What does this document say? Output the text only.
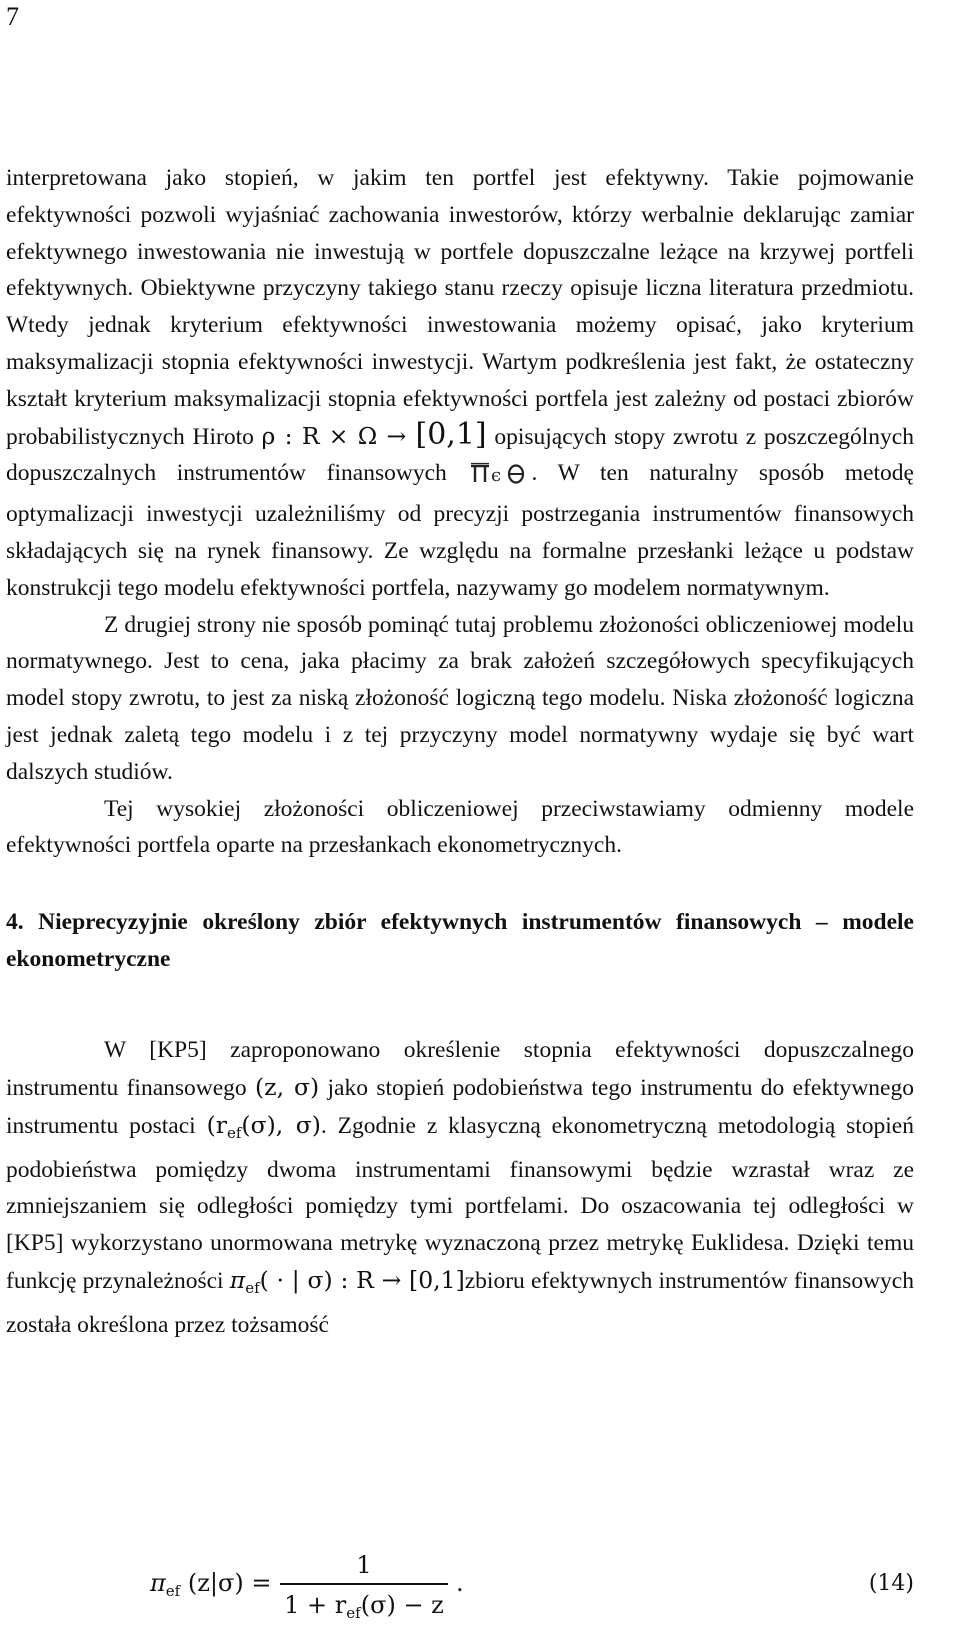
7

interpretowana jako stopień, w jakim ten portfel jest efektywny. Takie pojmowanie efektywności pozwoli wyjaśniać zachowania inwestorów, którzy werbalnie deklarując zamiar efektywnego inwestowania nie inwestują w portfele dopuszczalne leżące na krzywej portfeli efektywnych. Obiektywne przyczyny takiego stanu rzeczy opisuje liczna literatura przedmiotu. Wtedy jednak kryterium efektywności inwestowania możemy opisać, jako kryterium maksymalizacji stopnia efektywności inwestycji. Wartym podkreślenia jest fakt, że ostateczny kształt kryterium maksymalizacji stopnia efektywności portfela jest zależny od postaci zbiorów probabilistycznych Hiroto ρ : R × Ω → [0,1] opisujących stopy zwrotu z poszczególnych dopuszczalnych instrumentów finansowych є . W ten naturalny sposób metodę optymalizacji inwestycji uzależniliśmy od precyzji postrzegania instrumentów finansowych składających się na rynek finansowy. Ze względu na formalne przesłanki leżące u podstaw konstrukcji tego modelu efektywności portfela, nazywamy go modelem normatywnym.

Z drugiej strony nie sposób pominąć tutaj problemu złożoności obliczeniowej modelu normatywnego. Jest to cena, jaka płacimy za brak założeń szczegółowych specyfikujących model stopy zwrotu, to jest za niską złożoność logiczną tego modelu. Niska złożoność logiczna jest jednak zaletą tego modelu i z tej przyczyny model normatywny wydaje się być wart dalszych studiów.

Tej wysokiej złożoności obliczeniowej przeciwstawiamy odmienny modele efektywności portfela oparte na przesłankach ekonometrycznych.

4. Nieprecyzyjnie określony zbiór efektywnych instrumentów finansowych – modele ekonometryczne

W [KP5] zaproponowano określenie stopnia efektywności dopuszczalnego instrumentu finansowego (z, σ) jako stopień podobieństwa tego instrumentu do efektywnego instrumentu postaci ($r_{ef}(\sigma)$, σ). Zgodnie z klasyczną ekonometryczną metodologią stopień podobieństwa pomiędzy dwoma instrumentami finansowymi będzie wzrastał wraz ze zmniejszaniem się odległości pomiędzy tymi portfelami. Do oszacowania tej odległości w [KP5] wykorzystano unormowana metrykę wyznaczoną przez metrykę Euklidesa. Dzięki temu funkcję przynależności $\pi_{ef}$( · | σ) : R → [0,1]zbioru efektywnych instrumentów finansowych została określona przez tożsamość

$\pi_{ef}$ (z|σ) =
1
$1 + r_{ef}(\sigma) - z$
.	(14)
